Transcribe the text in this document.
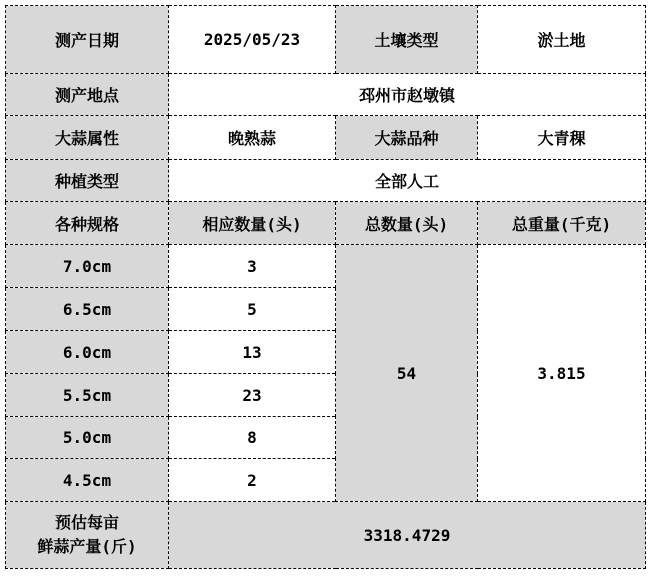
测产日期	2025/05/23	土壤类型	淤土地
测产地点	邳州市赵墩镇		
大蒜属性	晚熟蒜	大蒜品种	大青稞
种植类型	全部人工		
各种规格	相应数量(头)	总数量(头)	总重量(千克)
7.0cm	3	54	3.815
6.5cm	5		
6.0cm	13		
5.5cm	23		
5.0cm	8		
4.5cm	2		

预估每亩
鲜蒜产量(斤)	3318.4729		
